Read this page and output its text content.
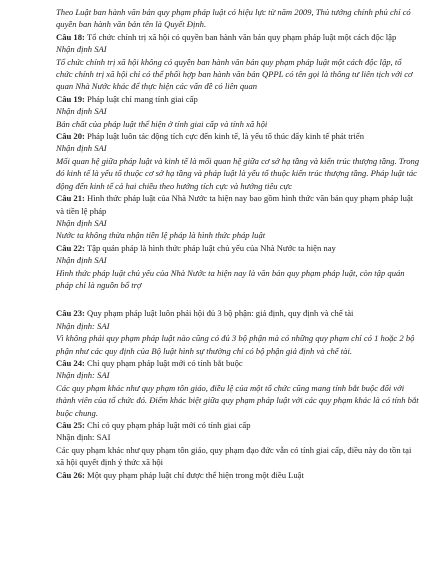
Theo Luật ban hành văn bản quy phạm pháp luật có hiệu lực từ năm 2009, Thủ tướng chính phủ chỉ có quyền ban hành văn bản tên là Quyết Định.

Câu 18: Tổ chức chính trị xã hội có quyền ban hành văn bản quy phạm pháp luật một cách độc lập

Nhận định SAI

Tổ chức chính trị xã hội không có quyền ban hành văn bản quy phạm pháp luật một cách độc lập, tổ chức chính trị xã hội chỉ có thể phối hợp ban hành văn bản QPPL có tên gọi là thông tư liên tịch với cơ quan Nhà Nước khác để thực hiện các vấn đề có liên quan

Câu 19: Pháp luật chỉ mang tính giai cấp

Nhận định SAI

Bản chất của pháp luật thể hiện ở tính giai cấp và tính xã hội

Câu 20: Pháp luật luôn tác động tích cực đến kinh tế, là yếu tố thúc đẩy kinh tế phát triển

Nhận định SAI

Mối quan hệ giữa pháp luật và kinh tế là mối quan hệ giữa cơ sở hạ tầng và kiến trúc thượng tầng. Trong đó kinh tế là yếu tố thuộc cơ sở hạ tầng và pháp luật là yếu tố thuộc kiến trúc thượng tầng. Pháp luật tác động đến kinh tế cả hai chiều theo hướng tích cực và hướng tiêu cực

Câu 21: Hình thức pháp luật của Nhà Nước ta hiện nay bao gồm hình thức văn bản quy phạm pháp luật và tiền lệ pháp

Nhận định SAI

Nước ta không thừa nhận tiền lệ pháp là hình thức pháp luật

Câu 22: Tập quán pháp là hình thức pháp luật chủ yếu của Nhà Nước ta hiện nay

Nhận định SAI

Hình thức pháp luật chủ yếu của Nhà Nước ta hiện nay là văn bản quy phạm pháp luật, còn tập quán pháp chỉ là nguồn bổ trợ

Câu 23: Quy phạm pháp luật luôn phải hội đủ 3 bộ phận: giả định, quy định và chế tài

Nhận định: SAI

Vì không phải quy phạm pháp luật nào cũng có đủ 3 bộ phận mà có những quy phạm chỉ có 1 hoặc 2 bộ phận như các quy định của Bộ luật hình sự thường chỉ có bộ phận giả định và chế tài.

Câu 24: Chỉ quy phạm pháp luật mới có tính bắt buộc

Nhận định: SAI

Các quy phạm khác như quy phạm tôn giáo, điều lệ của một tổ chức cũng mang tính bắt buộc đối với thành viên của tổ chức đó. Điểm khác biệt giữa quy phạm pháp luật với các quy phạm khác là có tính bắt buộc chung.

Câu 25: Chỉ có quy phạm pháp luật mới có tính giai cấp

Nhận định: SAI

Các quy phạm khác như quy phạm tôn giáo, quy phạm đạo đức vẫn có tính giai cấp, điều này do tồn tại xã hội quyết định ý thức xã hội

Câu 26: Một quy phạm pháp luật chỉ được thể hiện trong một điều Luật
